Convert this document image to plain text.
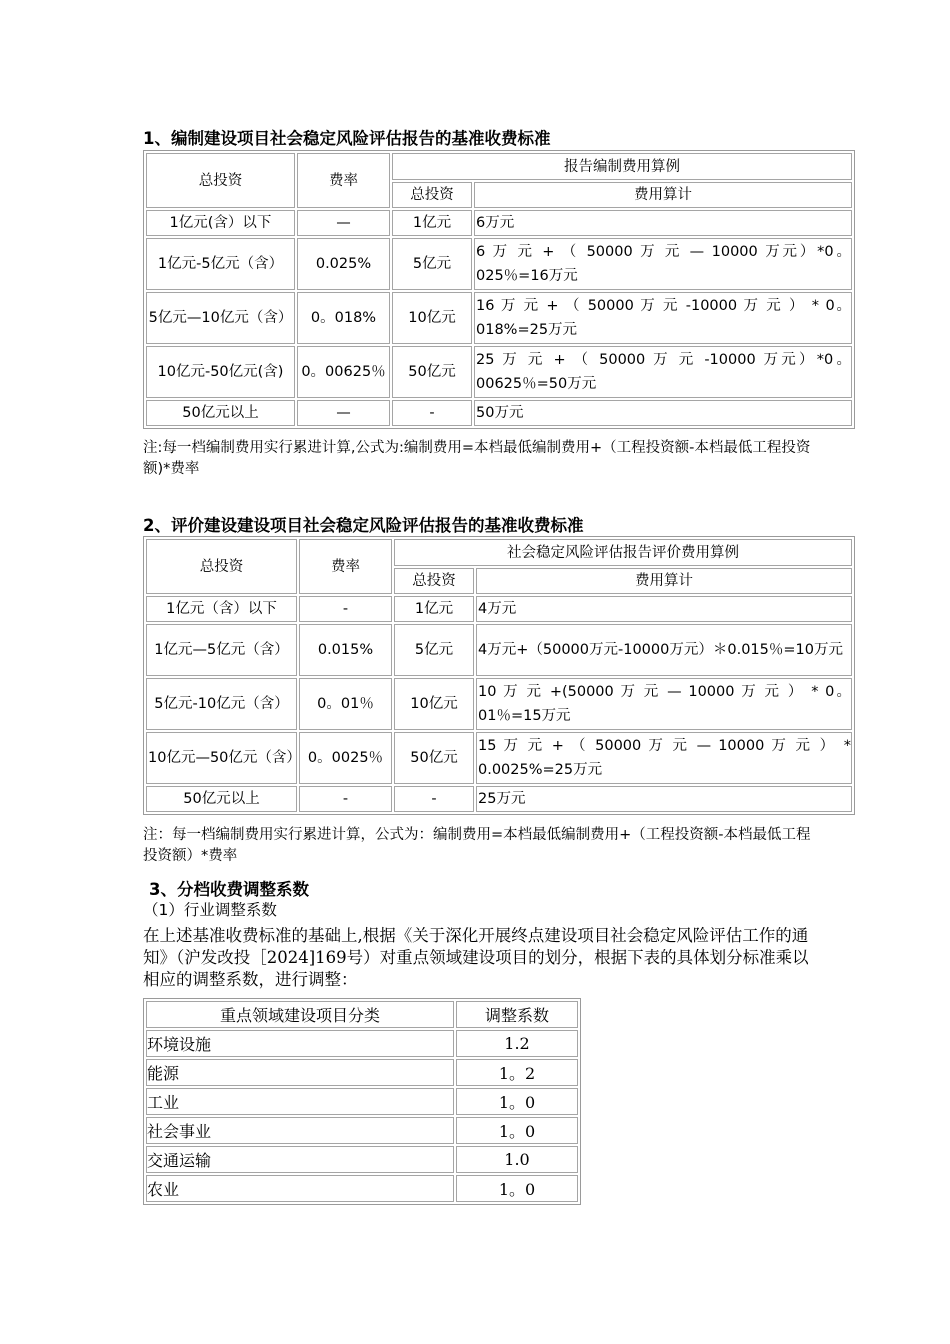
1、编制建设项目社会稳定风险评估报告的基准收费标准
总投资	费率	报告编制费用算例	
		总投资	费用算计
1亿元(含）以下	—	1亿元	6万元
1亿元-5亿元（含）	0.025%	5亿元	6 万 元 + （ 50000 万 元 — 10000 万元）*0。025％=16万元
5亿元—10亿元（含）	0。018%	10亿元	16 万 元 + （ 50000 万 元 -10000 万 元 ） * 0。018%=25万元
10亿元-50亿元(含)	0。00625％	50亿元	25 万 元 + （ 50000 万 元 -10000 万元）*0。00625％=50万元
50亿元以上	—	-	50万元
注:每一档编制费用实行累进计算,公式为:编制费用=本档最低编制费用+（工程投资额-本档最低工程投资额)*费率
2、评价建设建设项目社会稳定风险评估报告的基准收费标准
总投资	费率	社会稳定风险评估报告评价费用算例	
		总投资	费用算计
1亿元（含）以下	-	1亿元	4万元
1亿元—5亿元（含）	0.015%	5亿元	4万元+（50000万元-10000万元）＊0.015％=10万元
5亿元-10亿元（含）	0。01％	10亿元	10 万 元 +(50000 万 元 — 10000 万 元 ） * 0。01％=15万元
10亿元—50亿元（含）	0。0025％	50亿元	15 万 元 + （ 50000 万 元 — 10000 万 元 ） * 0.0025%=25万元
50亿元以上	-	-	25万元
注：每一档编制费用实行累进计算，公式为：编制费用=本档最低编制费用+（工程投资额-本档最低工程投资额）*费率
3、分档收费调整系数
（1）行业调整系数
在上述基准收费标准的基础上,根据《关于深化开展终点建设项目社会稳定风险评估工作的通知》（沪发改投［2024]169号）对重点领域建设项目的划分，根据下表的具体划分标准乘以相应的调整系数，进行调整：
重点领域建设项目分类	调整系数
环境设施	1.2
能源	1。2
工业	1。0
社会事业	1。0
交通运输	1.0
农业	1。0
